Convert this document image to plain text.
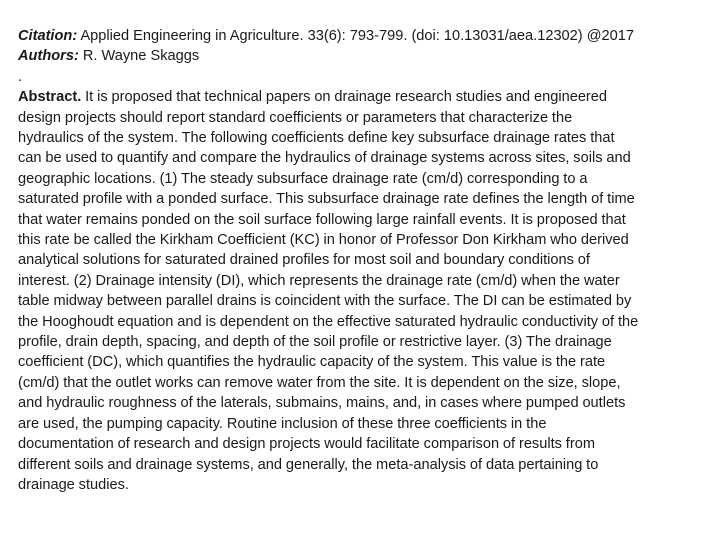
Citation: Applied Engineering in Agriculture. 33(6): 793-799. (doi: 10.13031/aea.12302) @2017
Authors: R. Wayne Skaggs
.
Abstract. It is proposed that technical papers on drainage research studies and engineered
design projects should report standard coefficients or parameters that characterize the
hydraulics of the system. The following coefficients define key subsurface drainage rates that
can be used to quantify and compare the hydraulics of drainage systems across sites, soils and
geographic locations. (1) The steady subsurface drainage rate (cm/d) corresponding to a
saturated profile with a ponded surface. This subsurface drainage rate defines the length of time
that water remains ponded on the soil surface following large rainfall events. It is proposed that
this rate be called the Kirkham Coefficient (KC) in honor of Professor Don Kirkham who derived
analytical solutions for saturated drained profiles for most soil and boundary conditions of
interest. (2) Drainage intensity (DI), which represents the drainage rate (cm/d) when the water
table midway between parallel drains is coincident with the surface. The DI can be estimated by
the Hooghoudt equation and is dependent on the effective saturated hydraulic conductivity of the
profile, drain depth, spacing, and depth of the soil profile or restrictive layer. (3) The drainage
coefficient (DC), which quantifies the hydraulic capacity of the system. This value is the rate
(cm/d) that the outlet works can remove water from the site. It is dependent on the size, slope,
and hydraulic roughness of the laterals, submains, mains, and, in cases where pumped outlets
are used, the pumping capacity. Routine inclusion of these three coefficients in the
documentation of research and design projects would facilitate comparison of results from
different soils and drainage systems, and generally, the meta-analysis of data pertaining to
drainage studies.
